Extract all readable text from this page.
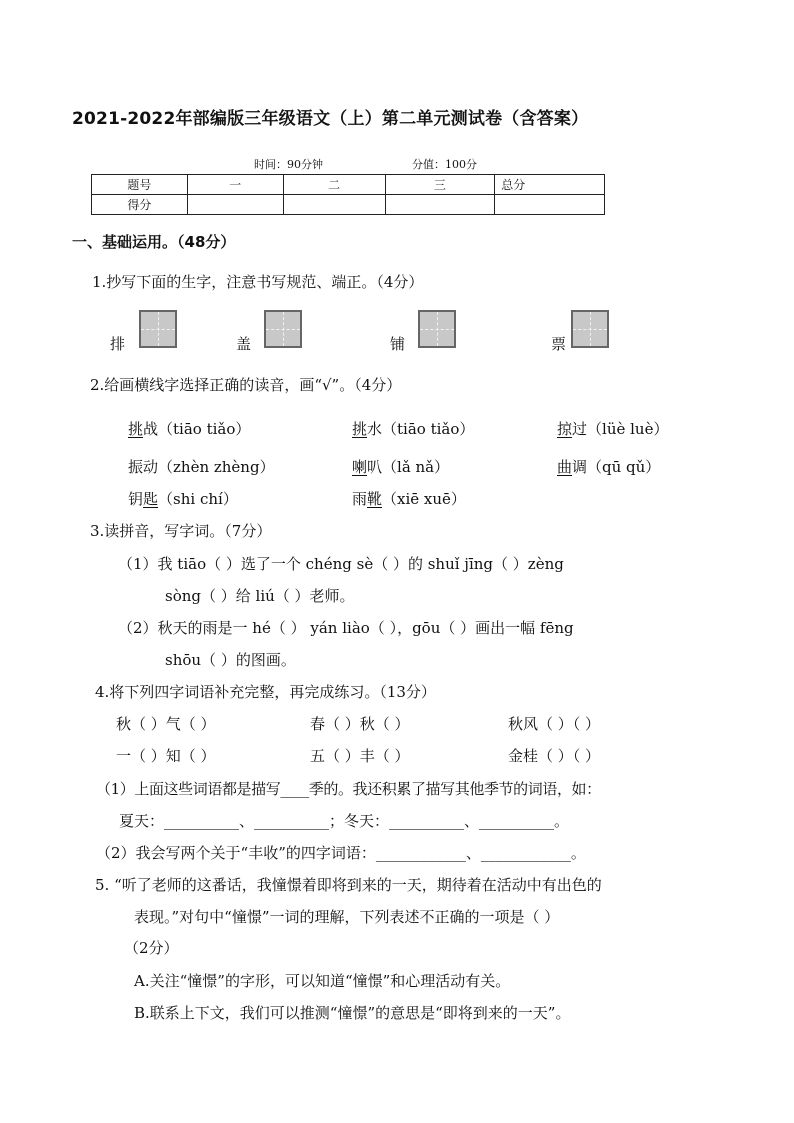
2021-2022年部编版三年级语文（上）第二单元测试卷（含答案）
时间：90分钟	分值：100分
题号	一	二	三	总分
得分				
一、基础运用。（48分）
1.抄写下面的生字，注意书写规范、端正。（4分）
排	盖	铺	票
2.给画横线字选择正确的读音，画“√”。（4分）
挑战（tiāo tiǎo）	挑水（tiāo tiǎo）	掠过（lüè luè）
振动（zhèn zhèng）	喇叭（lǎ nǎ）	曲调（qū qǔ）
钥匙（shi chí）	雨靴（xiē xuē）
3.读拼音，写字词。（7分）
（1）我 tiāo（ ）选了一个 chéng sè（ ）的 shuǐ jīng（ ）zèng
sòng（ ）给 liú（ ）老师。
（2）秋天的雨是一 hé（ ） yán liào（ ），gōu（ ）画出一幅 fēng
shōu（ ）的图画。
4.将下列四字词语补充完整，再完成练习。（13分）
秋（ ）气（ ）	春（ ）秋（ ）	秋风（ ）（ ）
一（ ）知（ ）	五（ ）丰（ ）	金桂（ ）（ ）
（1）上面这些词语都是描写____季的。我还积累了描写其他季节的词语，如：
夏天：__________、__________；冬天：__________、__________。
（2）我会写两个关于“丰收”的四字词语：____________、____________。
5. “听了老师的这番话，我憧憬着即将到来的一天，期待着在活动中有出色的
表现。”对句中“憧憬”一词的理解，下列表述不正确的一项是（ ）
（2分）
A.关注“憧憬”的字形，可以知道“憧憬”和心理活动有关。
B.联系上下文，我们可以推测“憧憬”的意思是“即将到来的一天”。
